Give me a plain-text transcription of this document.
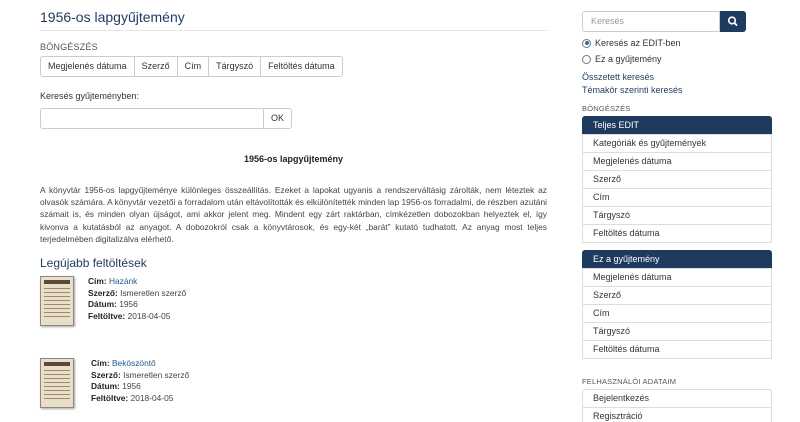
1956-os lapgyűjtemény
BÖNGÉSZÉS
Megjelenés dátuma	Szerző	Cím	Tárgyszó	Feltöltés dátuma
Keresés gyűjteményben:
OK
1956-os lapgyűjtemény
A könyvtár 1956-os lapgyűjteménye különleges összeállítás. Ezeket a lapokat ugyanis a rendszerváltásig zárolták, nem léteztek az olvasók számára. A könyvtár vezetői a forradalom után eltávolították és elkülönítették minden lap 1956-os forradalmi, de részben azutáni számait is, és minden olyan újságot, ami akkor jelent meg. Mindent egy zárt raktárban, címkézetlen dobozokban helyeztek el, így kivonva a kutatásból az anyagot. A dobozokról csak a könyvtárosok, és egy-két „barát” kutató tudhatott. Az anyag most teljes terjedelmében digitalizálva elérhető.
Legújabb feltöltések
Cím: Hazánk
Szerző: Ismeretlen szerző
Dátum: 1956
Feltöltve: 2018-04-05
Cím: Beköszöntő
Szerző: Ismeretlen szerző
Dátum: 1956
Feltöltve: 2018-04-05
Keresés
Keresés az EDIT-ben
Ez a gyűjtemény
Összetett keresés
Témakör szerinti keresés
BÖNGÉSZÉS
Teljes EDIT
Kategóriák és gyűjtemények
Megjelenés dátuma
Szerző
Cím
Tárgyszó
Feltöltés dátuma
Ez a gyűjtemény
Megjelenés dátuma
Szerző
Cím
Tárgyszó
Feltöltés dátuma
FELHASZNÁLÓI ADATAIM
Bejelentkezés
Regisztráció
